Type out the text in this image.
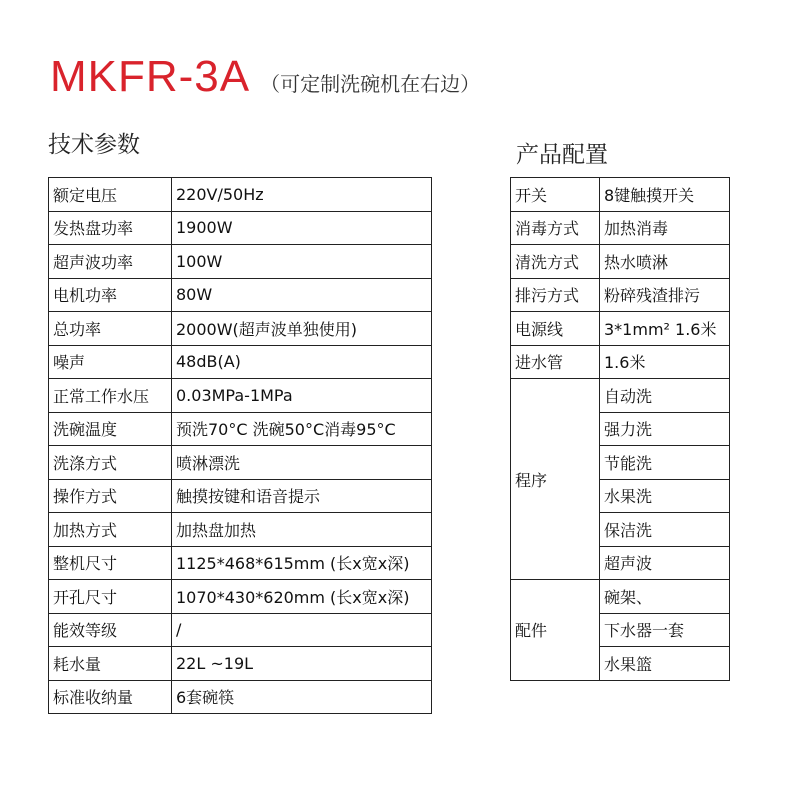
MKFR-3A （可定制洗碗机在右边）
技术参数	产品配置
额定电压	220V/50Hz
发热盘功率	1900W
超声波功率	100W
电机功率	80W
总功率	2000W(超声波单独使用)
噪声	48dB(A)
正常工作水压	0.03MPa-1MPa
洗碗温度	预洗70°C 洗碗50°C消毒95°C
洗涤方式	喷淋漂洗
操作方式	触摸按键和语音提示
加热方式	加热盘加热
整机尺寸	1125*468*615mm (长x宽x深)
开孔尺寸	1070*430*620mm (长x宽x深)
能效等级	/
耗水量	22L ~19L
标准收纳量	6套碗筷
开关	8键触摸开关
消毒方式	加热消毒
清洗方式	热水喷淋
排污方式	粉碎残渣排污
电源线	3*1mm² 1.6米
进水管	1.6米
程序	自动洗
	强力洗
	节能洗
	水果洗
	保洁洗
	超声波
配件	碗架、
	下水器一套
	水果篮
